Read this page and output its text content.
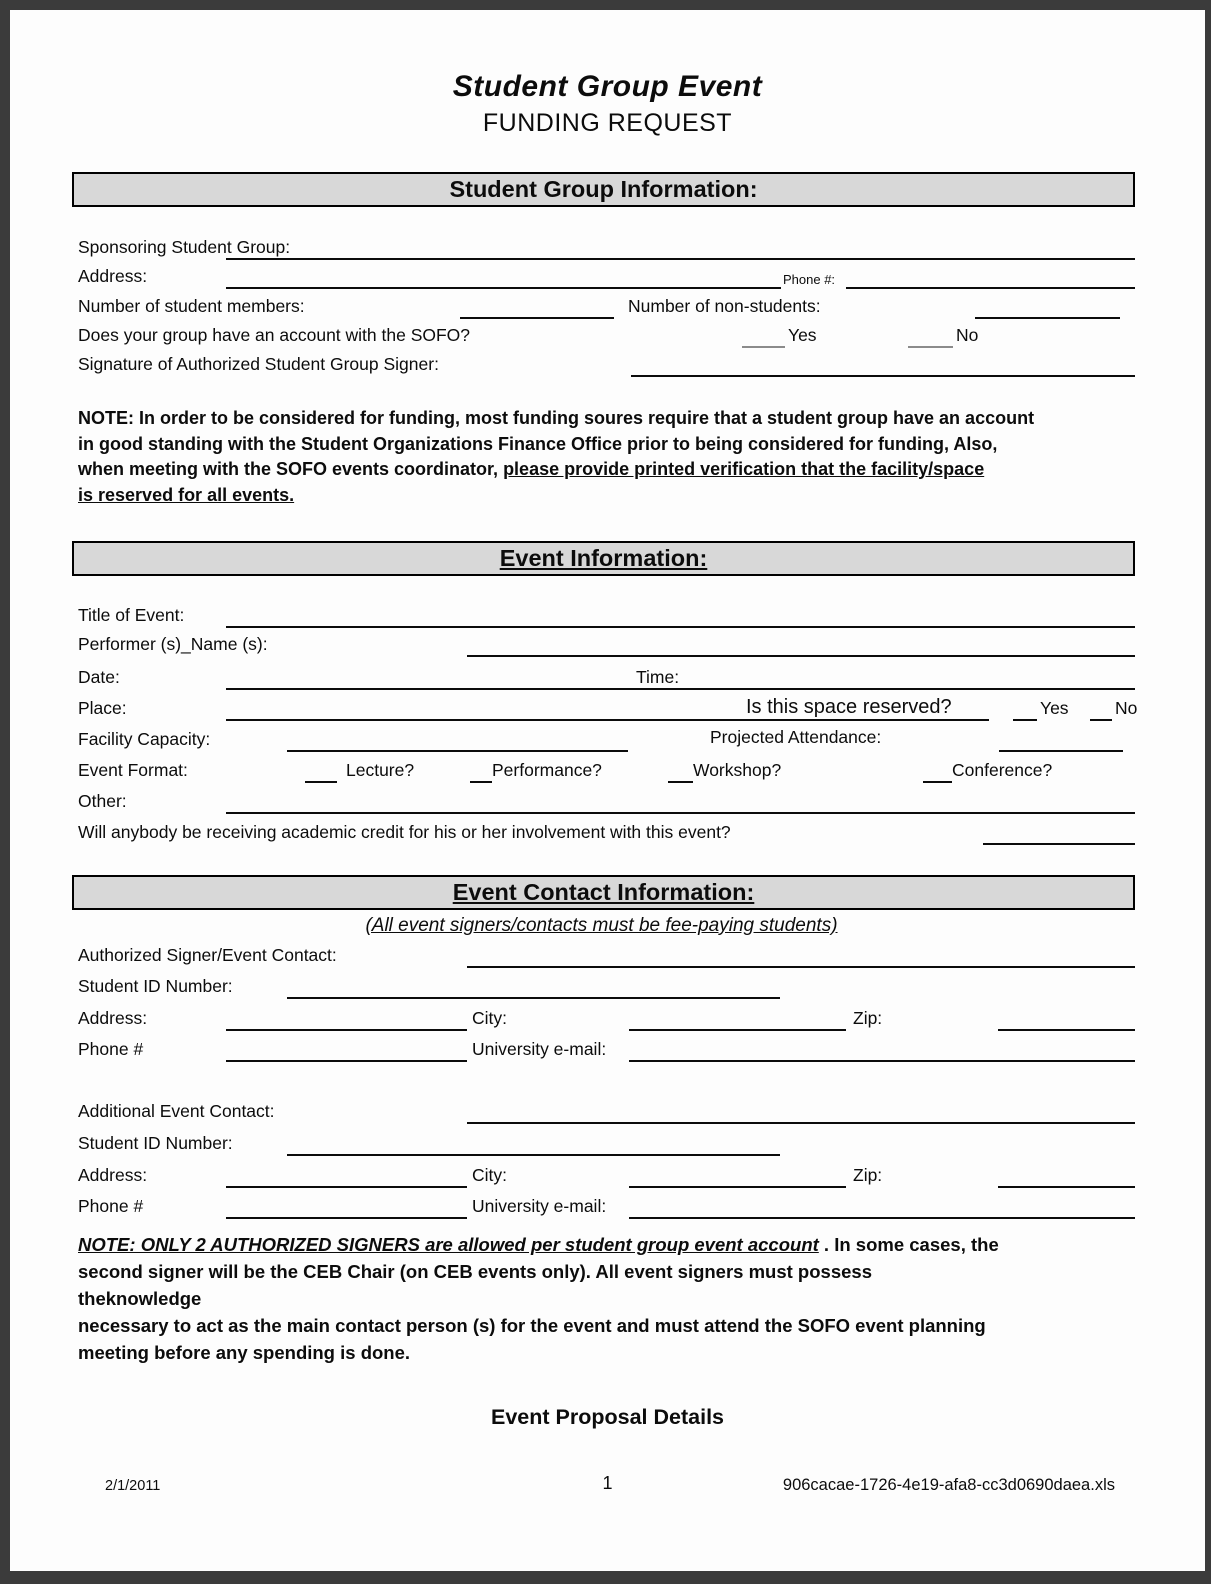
Student Group Event
FUNDING REQUEST
Student Group Information:
Sponsoring Student Group:
Address:	Phone #:
Number of student members:	Number of non-students:
Does your group have an account with the SOFO?	Yes	No
Signature of Authorized Student Group Signer:
NOTE: In order to be considered for funding, most funding soures require that a student group have an account
in good standing with the Student Organizations Finance Office prior to being considered for funding, Also,
when meeting with the SOFO events coordinator, please provide printed verification that the facility/space
is reserved for all events.
Event Information:
Title of Event:
Performer (s)_Name (s):
Date:	Time:
Place:	Is this space reserved?	Yes	No
Facility Capacity:	Projected Attendance:
Event Format:	Lecture?	Performance?	Workshop?	Conference?
Other:
Will anybody be receiving academic credit for his or her involvement with this event?
Event Contact Information:
(All event signers/contacts must be fee-paying students)
Authorized Signer/Event Contact:
Student ID Number:
Address:	City:	Zip:
Phone #	University e-mail:
Additional Event Contact:
Student ID Number:
Address:	City:	Zip:
Phone #	University e-mail:
NOTE: ONLY 2 AUTHORIZED SIGNERS are allowed per student group event account . In some cases, the
second signer will be the CEB Chair (on CEB events only). All event signers must possess
theknowledge
necessary to act as the main contact person (s) for the event and must attend the SOFO event planning
meeting before any spending is done.
Event Proposal Details
2/1/2011	1	906cacae-1726-4e19-afa8-cc3d0690daea.xls
